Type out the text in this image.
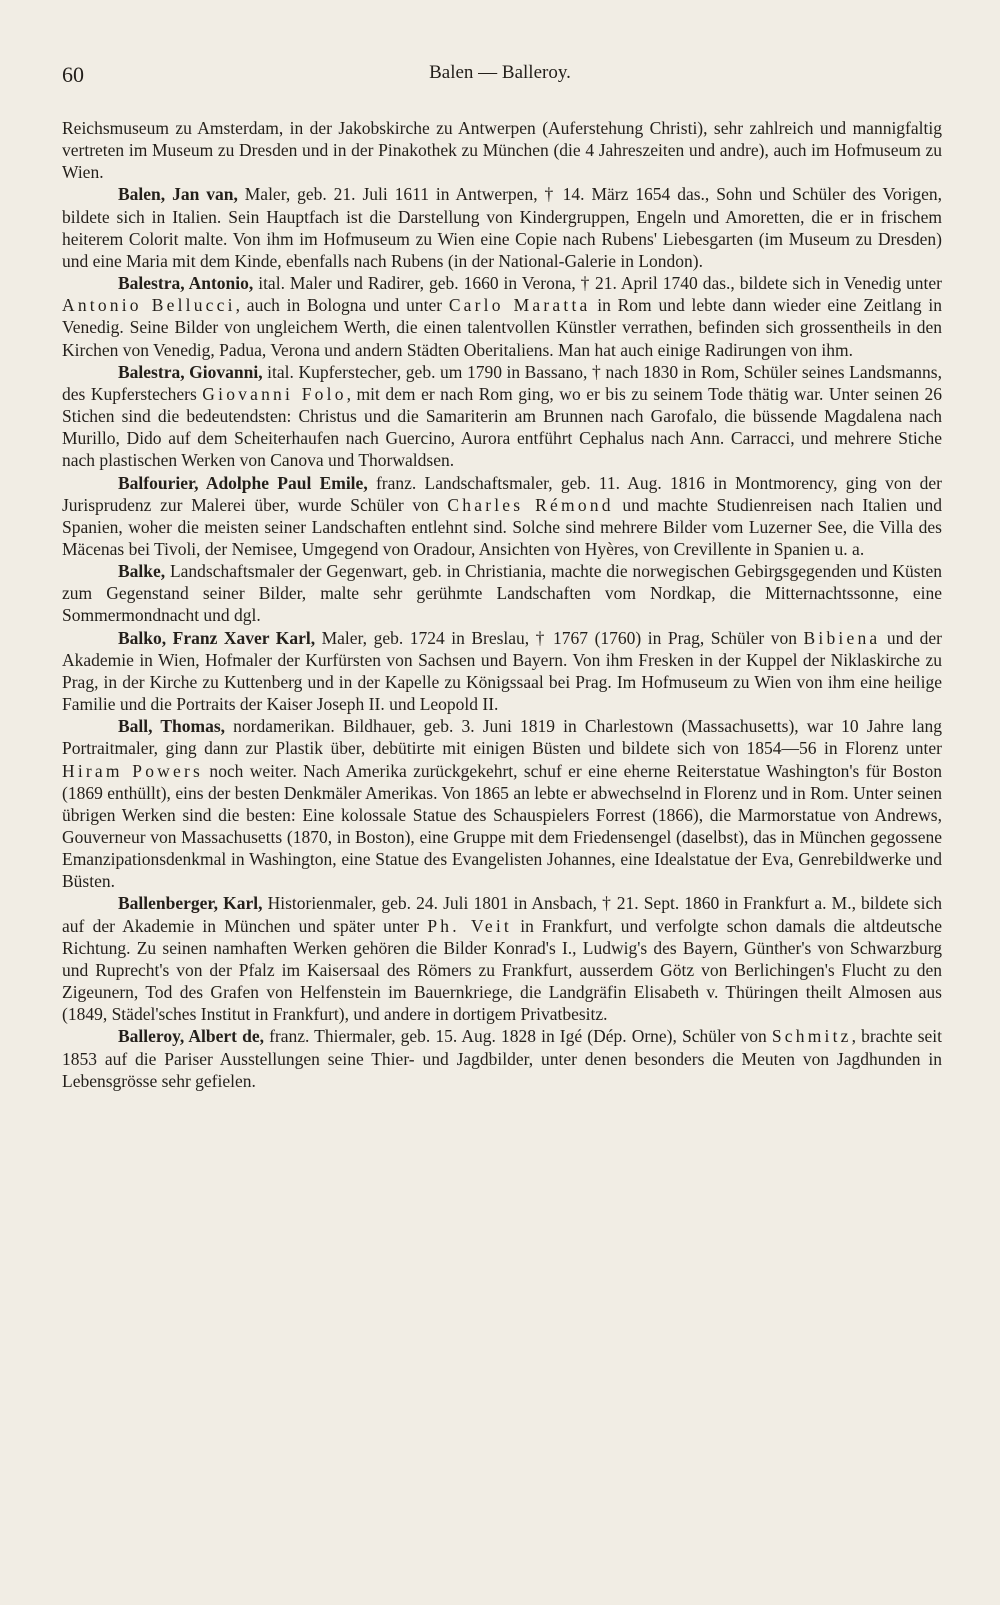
60	Balen — Balleroy.

Reichsmuseum zu Amsterdam, in der Jakobskirche zu Antwerpen (Auferstehung Christi), sehr zahlreich und mannigfaltig vertreten im Museum zu Dresden und in der Pinakothek zu München (die 4 Jahreszeiten und andre), auch im Hofmuseum zu Wien.

Balen, Jan van, Maler, geb. 21. Juli 1611 in Antwerpen, † 14. März 1654 das., Sohn und Schüler des Vorigen, bildete sich in Italien. Sein Hauptfach ist die Darstellung von Kindergruppen, Engeln und Amoretten, die er in frischem heiterem Colorit malte. Von ihm im Hofmuseum zu Wien eine Copie nach Rubens' Liebesgarten (im Museum zu Dresden) und eine Maria mit dem Kinde, ebenfalls nach Rubens (in der National-Galerie in London).

Balestra, Antonio, ital. Maler und Radirer, geb. 1660 in Verona, † 21. April 1740 das., bildete sich in Venedig unter Antonio Bellucci, auch in Bologna und unter Carlo Maratta in Rom und lebte dann wieder eine Zeitlang in Venedig. Seine Bilder von ungleichem Werth, die einen talentvollen Künstler verrathen, befinden sich grossentheils in den Kirchen von Venedig, Padua, Verona und andern Städten Oberitaliens. Man hat auch einige Radirungen von ihm.

Balestra, Giovanni, ital. Kupferstecher, geb. um 1790 in Bassano, † nach 1830 in Rom, Schüler seines Landsmanns, des Kupferstechers Giovanni Folo, mit dem er nach Rom ging, wo er bis zu seinem Tode thätig war. Unter seinen 26 Stichen sind die bedeutendsten: Christus und die Samariterin am Brunnen nach Garofalo, die büssende Magdalena nach Murillo, Dido auf dem Scheiterhaufen nach Guercino, Aurora entführt Cephalus nach Ann. Carracci, und mehrere Stiche nach plastischen Werken von Canova und Thorwaldsen.

Balfourier, Adolphe Paul Emile, franz. Landschaftsmaler, geb. 11. Aug. 1816 in Montmorency, ging von der Jurisprudenz zur Malerei über, wurde Schüler von Charles Rémond und machte Studienreisen nach Italien und Spanien, woher die meisten seiner Landschaften entlehnt sind. Solche sind mehrere Bilder vom Luzerner See, die Villa des Mäcenas bei Tivoli, der Nemisee, Umgegend von Oradour, Ansichten von Hyères, von Crevillente in Spanien u. a.

Balke, Landschaftsmaler der Gegenwart, geb. in Christiania, machte die norwegischen Gebirgsgegenden und Küsten zum Gegenstand seiner Bilder, malte sehr gerühmte Landschaften vom Nordkap, die Mitternachtssonne, eine Sommermondnacht und dgl.

Balko, Franz Xaver Karl, Maler, geb. 1724 in Breslau, † 1767 (1760) in Prag, Schüler von Bibiena und der Akademie in Wien, Hofmaler der Kurfürsten von Sachsen und Bayern. Von ihm Fresken in der Kuppel der Niklaskirche zu Prag, in der Kirche zu Kuttenberg und in der Kapelle zu Königssaal bei Prag. Im Hofmuseum zu Wien von ihm eine heilige Familie und die Portraits der Kaiser Joseph II. und Leopold II.

Ball, Thomas, nordamerikan. Bildhauer, geb. 3. Juni 1819 in Charlestown (Massachusetts), war 10 Jahre lang Portraitmaler, ging dann zur Plastik über, debütirte mit einigen Büsten und bildete sich von 1854—56 in Florenz unter Hiram Powers noch weiter. Nach Amerika zurückgekehrt, schuf er eine eherne Reiterstatue Washington's für Boston (1869 enthüllt), eins der besten Denkmäler Amerikas. Von 1865 an lebte er abwechselnd in Florenz und in Rom. Unter seinen übrigen Werken sind die besten: Eine kolossale Statue des Schauspielers Forrest (1866), die Marmorstatue von Andrews, Gouverneur von Massachusetts (1870, in Boston), eine Gruppe mit dem Friedensengel (daselbst), das in München gegossene Emanzipationsdenkmal in Washington, eine Statue des Evangelisten Johannes, eine Idealstatue der Eva, Genrebildwerke und Büsten.

Ballenberger, Karl, Historienmaler, geb. 24. Juli 1801 in Ansbach, † 21. Sept. 1860 in Frankfurt a. M., bildete sich auf der Akademie in München und später unter Ph. Veit in Frankfurt, und verfolgte schon damals die altdeutsche Richtung. Zu seinen namhaften Werken gehören die Bilder Konrad's I., Ludwig's des Bayern, Günther's von Schwarzburg und Ruprecht's von der Pfalz im Kaisersaal des Römers zu Frankfurt, ausserdem Götz von Berlichingen's Flucht zu den Zigeunern, Tod des Grafen von Helfenstein im Bauernkriege, die Landgräfin Elisabeth v. Thüringen theilt Almosen aus (1849, Städel'sches Institut in Frankfurt), und andere in dortigem Privatbesitz.

Balleroy, Albert de, franz. Thiermaler, geb. 15. Aug. 1828 in Igé (Dép. Orne), Schüler von Schmitz, brachte seit 1853 auf die Pariser Ausstellungen seine Thier- und Jagdbilder, unter denen besonders die Meuten von Jagdhunden in Lebensgrösse sehr gefielen.
